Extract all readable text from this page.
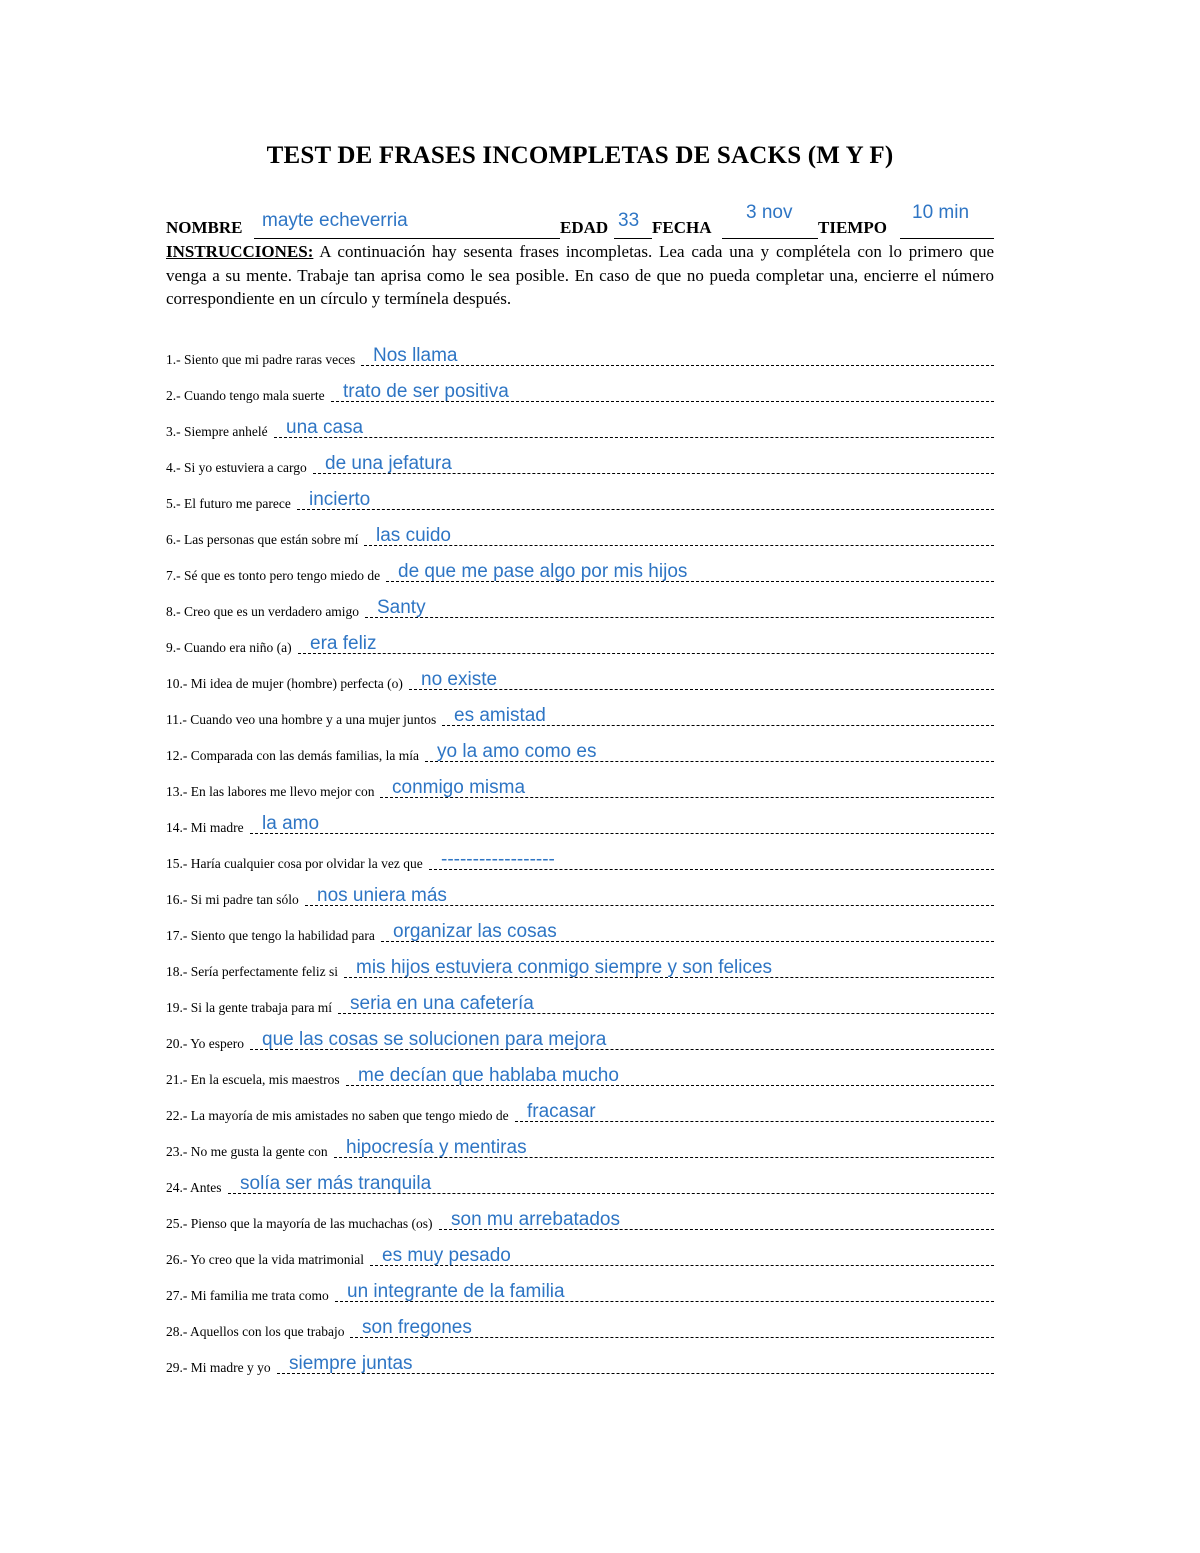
TEST DE FRASES INCOMPLETAS DE SACKS (M Y F)
NOMBRE mayte echeverria	EDAD 33 FECHA
3 nov
TIEMPO
10 min
INSTRUCCIONES: A continuación hay sesenta frases incompletas. Lea cada una y complétela con lo primero que venga a su mente. Trabaje tan aprisa como le sea posible. En caso de que no pueda completar una, encierre el número correspondiente en un círculo y termínela después.
1.- Siento que mi padre raras veces Nos llama
2.- Cuando tengo mala suerte trato de ser positiva
3.- Siempre anhelé una casa
4.- Si yo estuviera a cargo de una jefatura
5.- El futuro me parece incierto
6.- Las personas que están sobre mí las cuido
7.- Sé que es tonto pero tengo miedo de de que me pase algo por mis hijos
8.- Creo que es un verdadero amigo Santy
9.- Cuando era niño (a) era feliz
10.- Mi idea de mujer (hombre) perfecta (o) no existe
11.- Cuando veo una hombre y a una mujer juntos es amistad
12.- Comparada con las demás familias, la mía yo la amo como es
13.- En las labores me llevo mejor con conmigo misma
14.- Mi madre la amo
15.- Haría cualquier cosa por olvidar la vez que ------------------
16.- Si mi padre tan sólo nos uniera más
17.- Siento que tengo la habilidad para organizar las cosas
18.- Sería perfectamente feliz si mis hijos estuviera conmigo siempre y son felices
19.- Si la gente trabaja para mí seria en una cafetería
20.- Yo espero que las cosas se solucionen para mejora
21.- En la escuela, mis maestros me decían que hablaba mucho
22.- La mayoría de mis amistades no saben que tengo miedo de fracasar
23.- No me gusta la gente con hipocresía y mentiras
24.- Antes solía ser más tranquila
25.- Pienso que la mayoría de las muchachas (os) son mu arrebatados
26.- Yo creo que la vida matrimonial es muy pesado
27.- Mi familia me trata como un integrante de la familia
28.- Aquellos con los que trabajo son fregones
29.- Mi madre y yo siempre juntas
